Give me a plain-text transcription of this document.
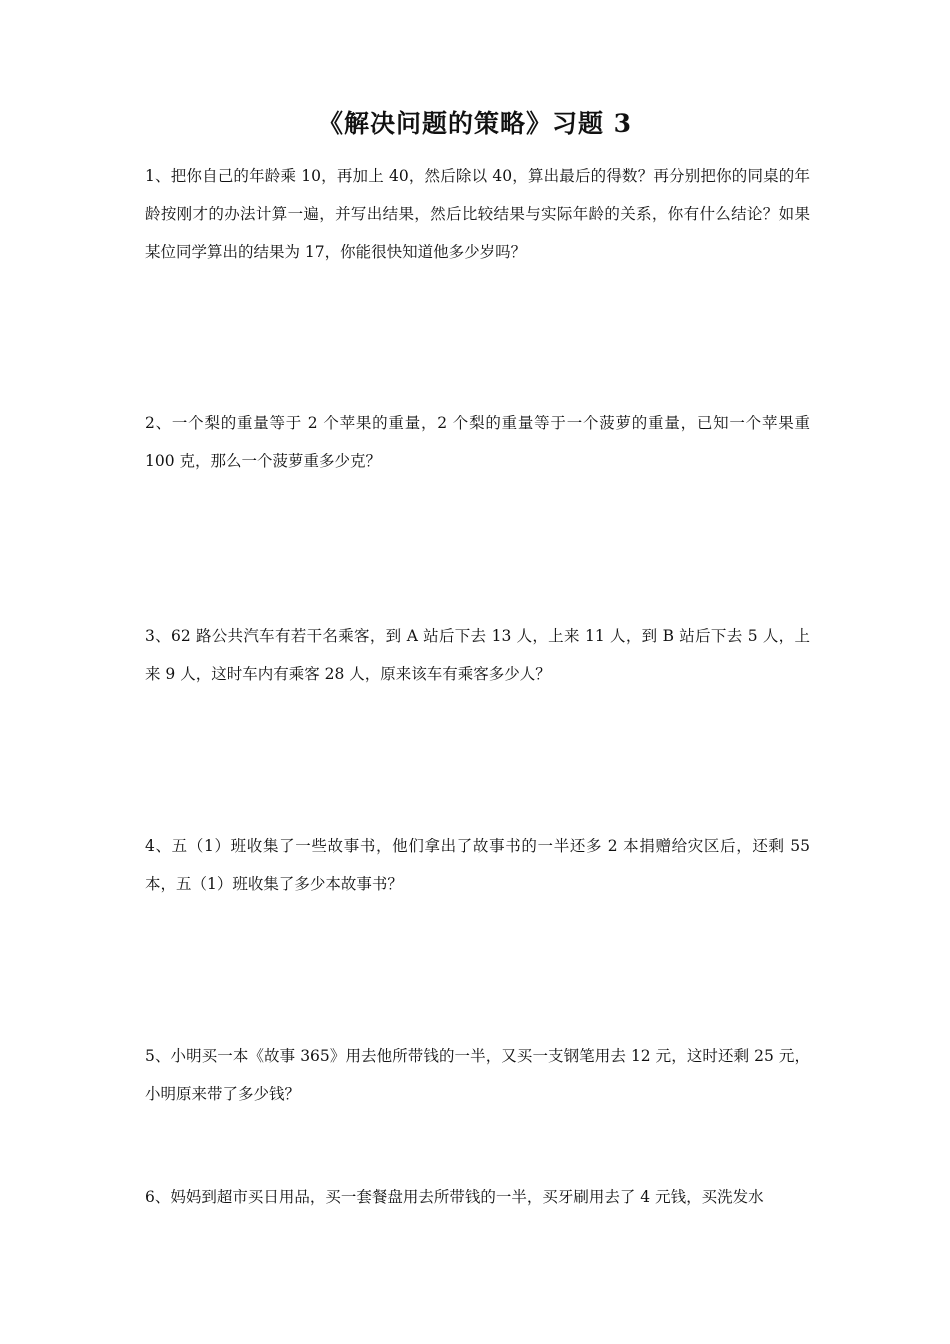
《解决问题的策略》习题 3

1、把你自己的年龄乘 10，再加上 40，然后除以 40，算出最后的得数？再分别把你的同桌的年龄按刚才的办法计算一遍，并写出结果，然后比较结果与实际年龄的关系，你有什么结论？如果某位同学算出的结果为 17，你能很快知道他多少岁吗？

2、一个梨的重量等于 2 个苹果的重量，2 个梨的重量等于一个菠萝的重量，已知一个苹果重 100 克，那么一个菠萝重多少克？

3、62 路公共汽车有若干名乘客，到 A 站后下去 13 人，上来 11 人，到 B 站后下去 5 人，上来 9 人，这时车内有乘客 28 人，原来该车有乘客多少人？

4、五（1）班收集了一些故事书，他们拿出了故事书的一半还多 2 本捐赠给灾区后，还剩 55 本，五（1）班收集了多少本故事书？

5、小明买一本《故事 365》用去他所带钱的一半，又买一支钢笔用去 12 元，这时还剩 25 元，小明原来带了多少钱？

6、妈妈到超市买日用品，买一套餐盘用去所带钱的一半，买牙刷用去了 4 元钱，买洗发水
